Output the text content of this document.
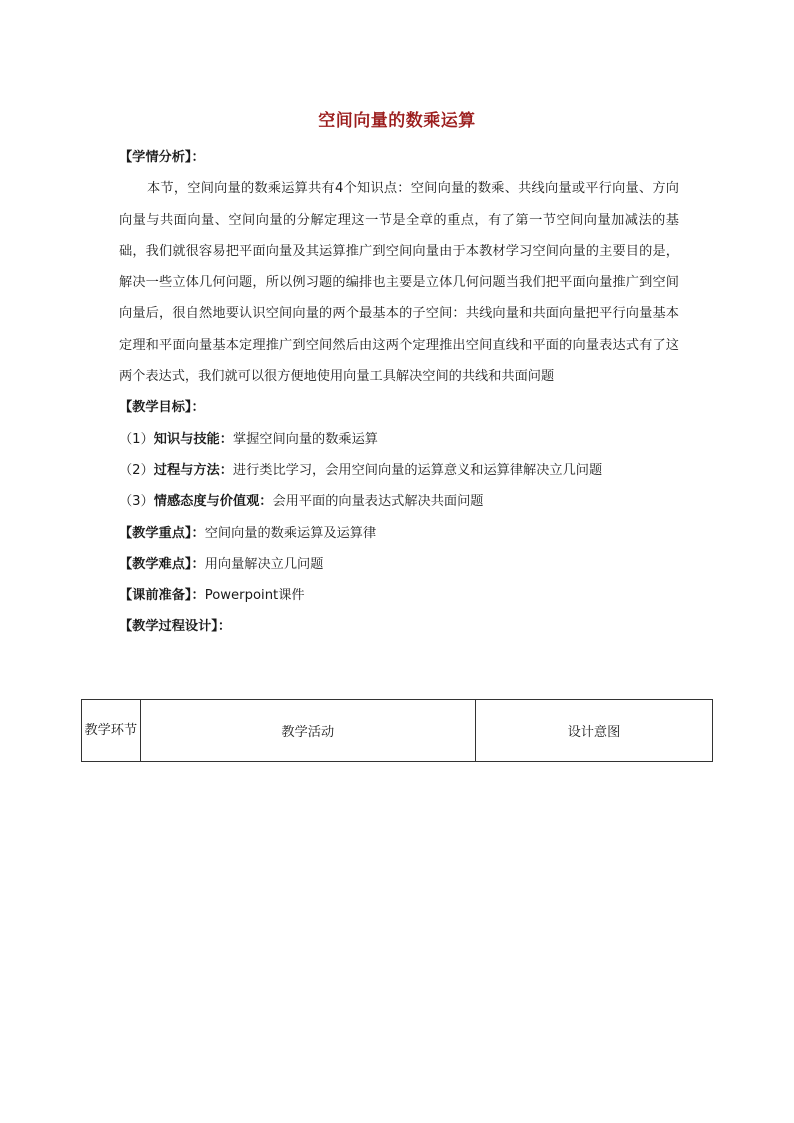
空间向量的数乘运算
【学情分析】：

本节，空间向量的数乘运算共有4个知识点：空间向量的数乘、共线向量或平行向量、方向向量与共面向量、空间向量的分解定理这一节是全章的重点，有了第一节空间向量加减法的基础，我们就很容易把平面向量及其运算推广到空间向量由于本教材学习空间向量的主要目的是，解决一些立体几何问题，所以例习题的编排也主要是立体几何问题当我们把平面向量推广到空间向量后，很自然地要认识空间向量的两个最基本的子空间：共线向量和共面向量把平行向量基本定理和平面向量基本定理推广到空间然后由这两个定理推出空间直线和平面的向量表达式有了这两个表达式，我们就可以很方便地使用向量工具解决空间的共线和共面问题

【教学目标】：
（1）知识与技能：掌握空间向量的数乘运算
（2）过程与方法：进行类比学习，会用空间向量的运算意义和运算律解决立几问题
（3）情感态度与价值观：会用平面的向量表达式解决共面问题
【教学重点】：空间向量的数乘运算及运算律
【教学难点】：用向量解决立几问题
【课前准备】：Powerpoint课件
【教学过程设计】：
教学环节	教学活动	设计意图
